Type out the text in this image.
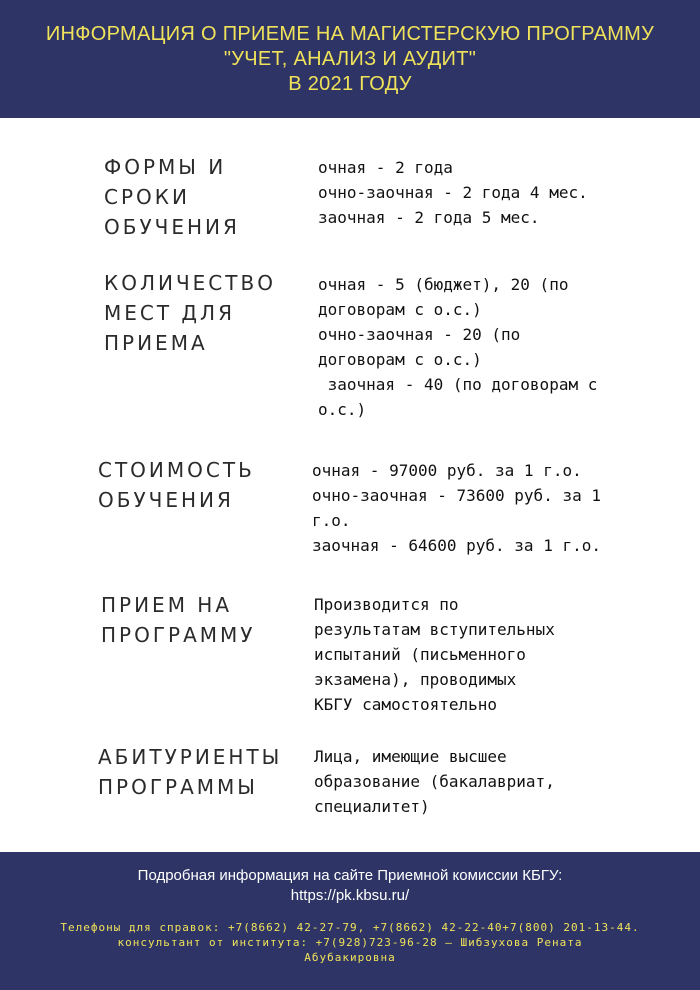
ИНФОРМАЦИЯ О ПРИЕМЕ НА МАГИСТЕРСКУЮ ПРОГРАММУ
"УЧЕТ, АНАЛИЗ И АУДИТ"
В 2021 ГОДУ
ФОРМЫ И
СРОКИ
ОБУЧЕНИЯ
очная - 2 года
очно-заочная - 2 года 4 мес.
заочная - 2 года 5 мес.
КОЛИЧЕСТВО
МЕСТ ДЛЯ
ПРИЕМА
очная - 5 (бюджет), 20 (по
договорам с о.с.)
очно-заочная - 20 (по
договорам с о.с.)
заочная - 40 (по договорам с
о.с.)
СТОИМОСТЬ
ОБУЧЕНИЯ
очная - 97000 руб. за 1 г.о.
очно-заочная - 73600 руб. за 1
г.о.
заочная - 64600 руб. за 1 г.о.
ПРИЕМ НА
ПРОГРАММУ
Производится по
результатам вступительных
испытаний (письменного
экзамена), проводимых
КБГУ самостоятельно
АБИТУРИЕНТЫ
ПРОГРАММЫ
Лица, имеющие высшее
образование (бакалавриат,
специалитет)
Подробная информация на сайте Приемной комиссии КБГУ:
https://pk.kbsu.ru/
Телефоны для справок: +7(8662) 42-27-79, +7(8662) 42-22-40+7(800) 201-13-44.
консультант от института: +7(928)723-96-28 – Шибзухова Рената
Абубакировна
